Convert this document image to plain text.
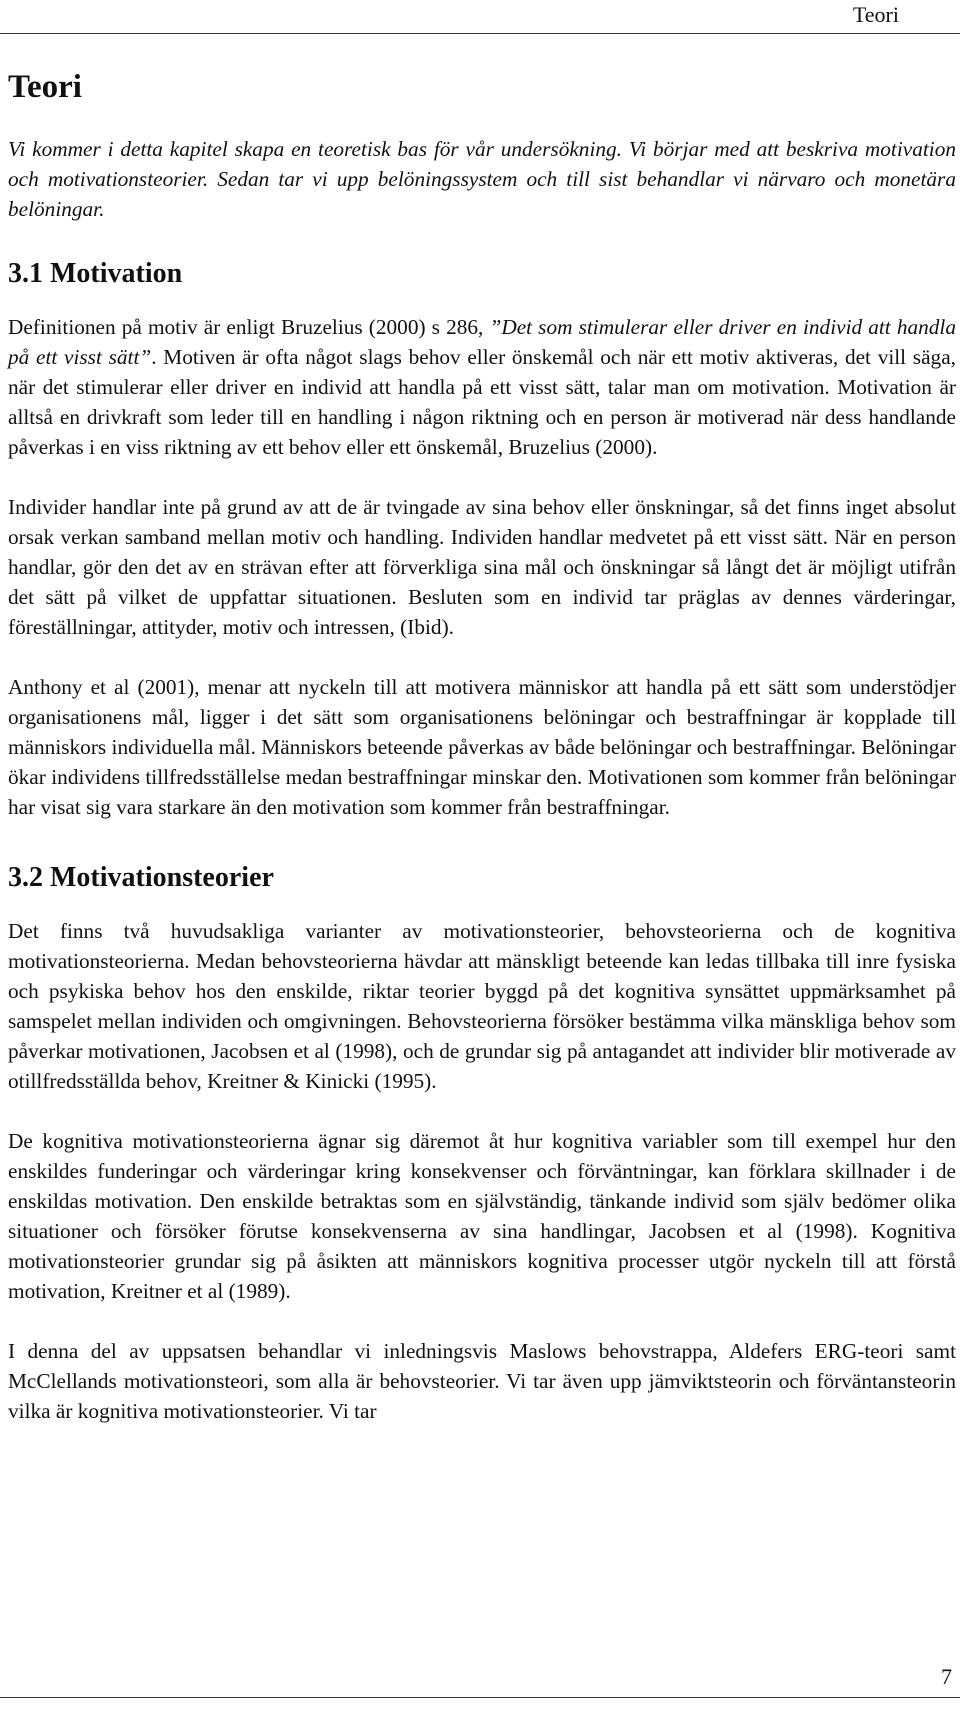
Teori
Teori

Vi kommer i detta kapitel skapa en teoretisk bas för vår undersökning. Vi börjar med att beskriva motivation och motivationsteorier. Sedan tar vi upp belöningssystem och till sist behandlar vi närvaro och monetära belöningar.

3.1 Motivation

Definitionen på motiv är enligt Bruzelius (2000) s 286, ”Det som stimulerar eller driver en individ att handla på ett visst sätt”. Motiven är ofta något slags behov eller önskemål och när ett motiv aktiveras, det vill säga, när det stimulerar eller driver en individ att handla på ett visst sätt, talar man om motivation. Motivation är alltså en drivkraft som leder till en handling i någon riktning och en person är motiverad när dess handlande påverkas i en viss riktning av ett behov eller ett önskemål, Bruzelius (2000).

Individer handlar inte på grund av att de är tvingade av sina behov eller önskningar, så det finns inget absolut orsak verkan samband mellan motiv och handling. Individen handlar medvetet på ett visst sätt. När en person handlar, gör den det av en strävan efter att förverkliga sina mål och önskningar så långt det är möjligt utifrån det sätt på vilket de uppfattar situationen. Besluten som en individ tar präglas av dennes värderingar, föreställningar, attityder, motiv och intressen, (Ibid).

Anthony et al (2001), menar att nyckeln till att motivera människor att handla på ett sätt som understödjer organisationens mål, ligger i det sätt som organisationens belöningar och bestraffningar är kopplade till människors individuella mål. Människors beteende påverkas av både belöningar och bestraffningar. Belöningar ökar individens tillfredsställelse medan bestraffningar minskar den. Motivationen som kommer från belöningar har visat sig vara starkare än den motivation som kommer från bestraffningar.

3.2 Motivationsteorier

Det finns två huvudsakliga varianter av motivationsteorier, behovsteorierna och de kognitiva motivationsteorierna. Medan behovsteorierna hävdar att mänskligt beteende kan ledas tillbaka till inre fysiska och psykiska behov hos den enskilde, riktar teorier byggd på det kognitiva synsättet uppmärksamhet på samspelet mellan individen och omgivningen. Behovsteorierna försöker bestämma vilka mänskliga behov som påverkar motivationen, Jacobsen et al (1998), och de grundar sig på antagandet att individer blir motiverade av otillfredsställda behov, Kreitner & Kinicki (1995).

De kognitiva motivationsteorierna ägnar sig däremot åt hur kognitiva variabler som till exempel hur den enskildes funderingar och värderingar kring konsekvenser och förväntningar, kan förklara skillnader i de enskildas motivation. Den enskilde betraktas som en självständig, tänkande individ som själv bedömer olika situationer och försöker förutse konsekvenserna av sina handlingar, Jacobsen et al (1998). Kognitiva motivationsteorier grundar sig på åsikten att människors kognitiva processer utgör nyckeln till att förstå motivation, Kreitner et al (1989).

I denna del av uppsatsen behandlar vi inledningsvis Maslows behovstrappa, Aldefers ERG-teori samt McClellands motivationsteori, som alla är behovsteorier. Vi tar även upp jämviktsteorin och förväntansteorin vilka är kognitiva motivationsteorier. Vi tar

7
